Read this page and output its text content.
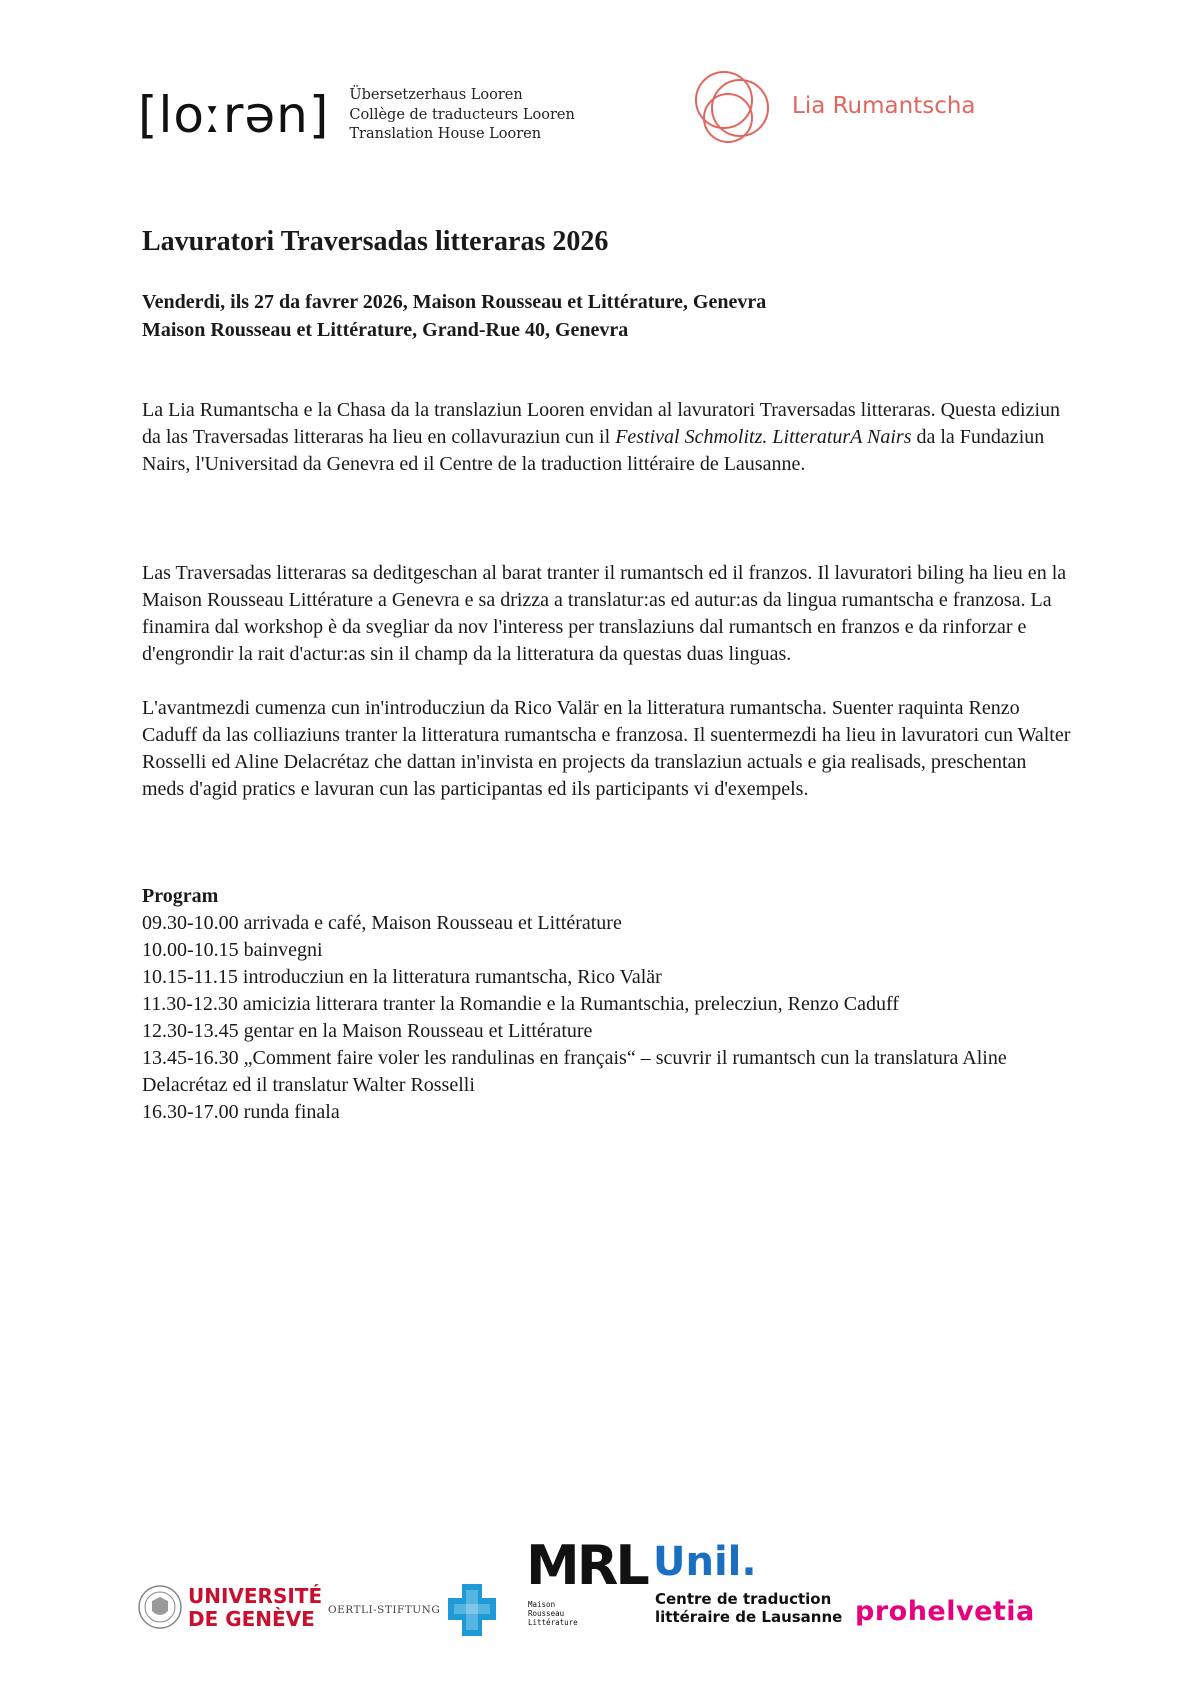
[loːrən] Übersetzerhaus Looren
Collège de traducteurs Looren
Translation House Looren
Lia Rumantscha
Lavuratori Traversadas litteraras 2026
Venderdi, ils 27 da favrer 2026, Maison Rousseau et Littérature, Genevra
Maison Rousseau et Littérature, Grand-Rue 40, Genevra

La Lia Rumantscha e la Chasa da la translaziun Looren envidan al lavuratori Traversadas litteraras. Questa ediziun da las Traversadas litteraras ha lieu en collavuraziun cun il Festival Schmolitz. LitteraturA Nairs da la Fundaziun Nairs, l'Universitad da Genevra ed il Centre de la traduction littéraire de Lausanne.

Las Traversadas litteraras sa deditgeschan al barat tranter il rumantsch ed il franzos. Il lavuratori biling ha lieu en la Maison Rousseau Littérature a Genevra e sa drizza a translatur:as ed autur:as da lingua rumantscha e franzosa. La finamira dal workshop è da svegliar da nov l'interess per translaziuns dal rumantsch en franzos e da rinforzar e d'engrondir la rait d'actur:as sin il champ da la litteratura da questas duas linguas.

L'avantmezdi cumenza cun in'introducziun da Rico Valär en la litteratura rumantscha. Suenter raquinta Renzo Caduff da las colliaziuns tranter la litteratura rumantscha e franzosa. Il suentermezdi ha lieu in lavuratori cun Walter Rosselli ed Aline Delacrétaz che dattan in'invista en projects da translaziun actuals e gia realisads, preschentan meds d'agid pratics e lavuran cun las participantas ed ils participants vi d'exempels.

Program
09.30-10.00 arrivada e café, Maison Rousseau et Littérature
10.00-10.15 bainvegni
10.15-11.15 introducziun en la litteratura rumantscha, Rico Valär
11.30-12.30 amicizia litterara tranter la Romandie e la Rumantschia, prelecziun, Renzo Caduff
12.30-13.45 gentar en la Maison Rousseau et Littérature
13.45-16.30 „Comment faire voler les randulinas en français“ – scuvrir il rumantsch cun la translatura Aline Delacrétaz ed il translatur Walter Rosselli
16.30-17.00 runda finala
UNIVERSITÉ
DE GENÈVE	OERTLI-STIFTUNG
MRL
Maison
Rousseau
Littérature
Unil.
Centre de traduction
littéraire de Lausanne prohelvetia
